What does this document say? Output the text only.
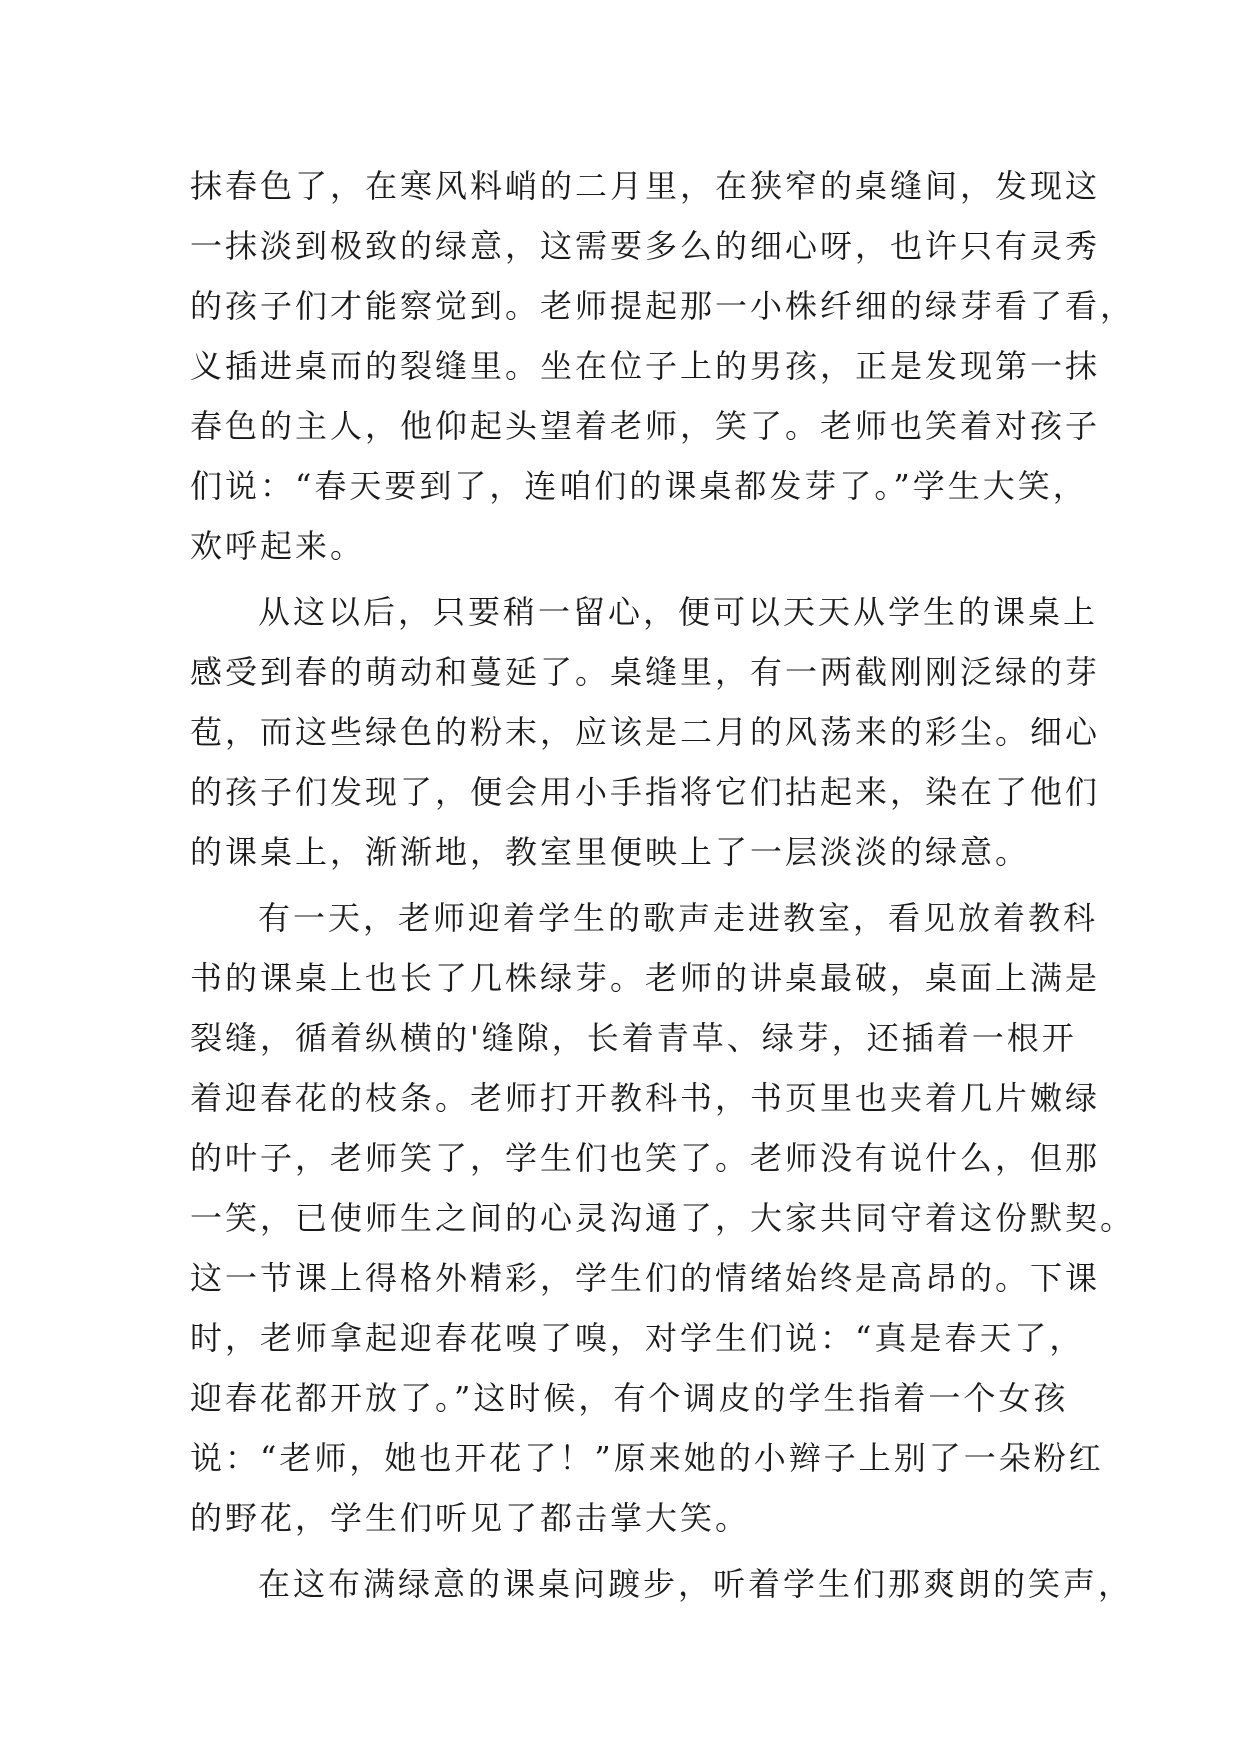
抹春色了，在寒风料峭的二月里，在狭窄的桌缝间，发现这
一抹淡到极致的绿意，这需要多么的细心呀，也许只有灵秀
的孩子们才能察觉到。老师提起那一小株纤细的绿芽看了看，
义插进桌而的裂缝里。坐在位子上的男孩，正是发现第一抹
春色的主人，他仰起头望着老师，笑了。老师也笑着对孩子
们说：“春天要到了，连咱们的课桌都发芽了。”学生大笑，
欢呼起来。
从这以后，只要稍一留心，便可以天天从学生的课桌上
感受到春的萌动和蔓延了。桌缝里，有一两截刚刚泛绿的芽
苞，而这些绿色的粉末，应该是二月的风荡来的彩尘。细心
的孩子们发现了，便会用小手指将它们拈起来，染在了他们
的课桌上，渐渐地，教室里便映上了一层淡淡的绿意。
有一天，老师迎着学生的歌声走进教室，看见放着教科
书的课桌上也长了几株绿芽。老师的讲桌最破，桌面上满是
裂缝，循着纵横的'缝隙，长着青草、绿芽，还插着一根开
着迎春花的枝条。老师打开教科书，书页里也夹着几片嫩绿
的叶子，老师笑了，学生们也笑了。老师没有说什么，但那
一笑，已使师生之间的心灵沟通了，大家共同守着这份默契。
这一节课上得格外精彩，学生们的情绪始终是高昂的。下课
时，老师拿起迎春花嗅了嗅，对学生们说：“真是春天了，
迎春花都开放了。”这时候，有个调皮的学生指着一个女孩
说：“老师，她也开花了！”原来她的小辫子上别了一朵粉红
的野花，学生们听见了都击掌大笑。
在这布满绿意的课桌问踱步，听着学生们那爽朗的笑声，
